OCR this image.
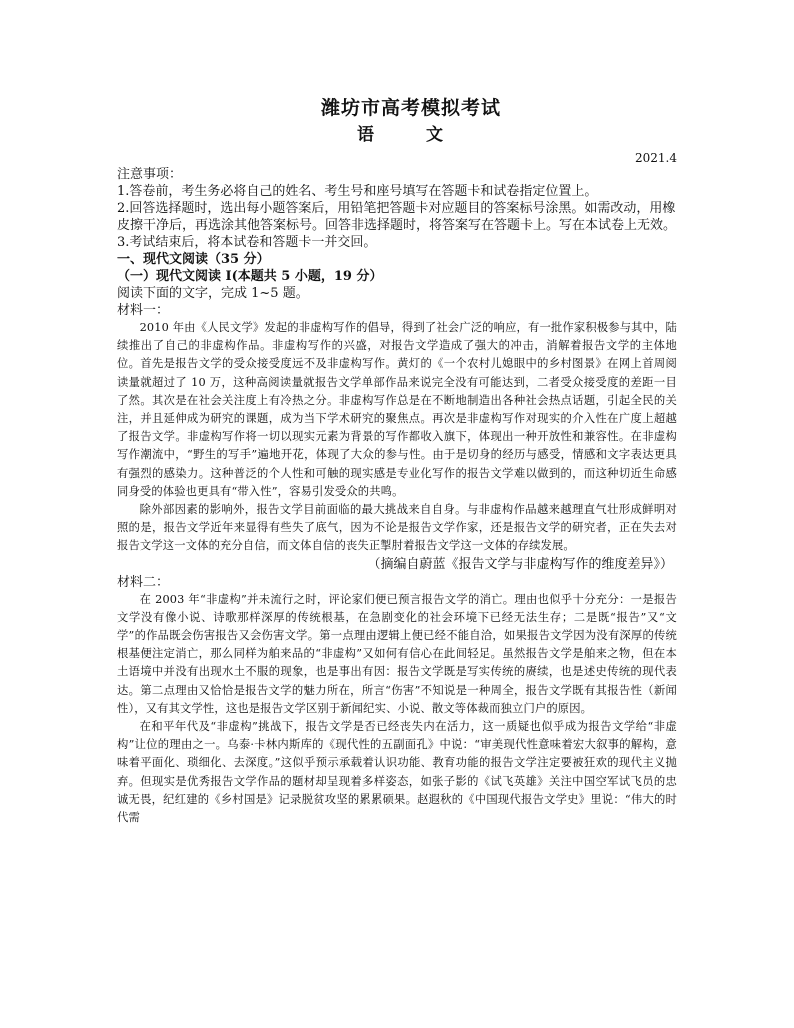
潍坊市高考模拟考试
语 文
2021.4

注意事项：

1.答卷前，考生务必将自己的姓名、考生号和座号填写在答题卡和试卷指定位置上。

2.回答选择题时，选出每小题答案后，用铅笔把答题卡对应题目的答案标号涂黑。如需改动，用橡皮擦干净后，再选涂其他答案标号。回答非选择题时，将答案写在答题卡上。写在本试卷上无效。

3.考试结束后，将本试卷和答题卡一并交回。

一、现代文阅读（35 分）

（一）现代文阅读 I(本题共 5 小题，19 分）

阅读下面的文字，完成 1~5 题。

材料一：

2010 年由《人民文学》发起的非虚构写作的倡导，得到了社会广泛的响应，有一批作家积极参与其中，陆续推出了自己的非虚构作品。非虚构写作的兴盛，对报告文学造成了强大的冲击，消解着报告文学的主体地位。首先是报告文学的受众接受度远不及非虚构写作。黄灯的《一个农村儿媳眼中的乡村图景》在网上首周阅读量就超过了 10 万，这种高阅读量就报告文学单部作品来说完全没有可能达到，二者受众接受度的差距一目了然。其次是在社会关注度上有冷热之分。非虚构写作总是在不断地制造出各种社会热点话题，引起全民的关注，并且延伸成为研究的课题，成为当下学术研究的聚焦点。再次是非虚构写作对现实的介入性在广度上超越了报告文学。非虚构写作将一切以现实元素为背景的写作都收入旗下，体现出一种开放性和兼容性。在非虚构写作潮流中，“野生的写手”遍地开花，体现了大众的参与性。由于是切身的经历与感受，情感和文字表达更具有强烈的感染力。这种普泛的个人性和可触的现实感是专业化写作的报告文学难以做到的，而这种切近生命感同身受的体验也更具有“带入性”，容易引发受众的共鸣。

除外部因素的影响外，报告文学目前面临的最大挑战来自自身。与非虚构作品越来越理直气壮形成鲜明对照的是，报告文学近年来显得有些失了底气，因为不论是报告文学作家，还是报告文学的研究者，正在失去对报告文学这一文体的充分自信，而文体自信的丧失正掣肘着报告文学这一文体的存续发展。

（摘编自蔚蓝《报告文学与非虚构写作的维度差异》）

材料二：

在 2003 年“非虚构”并未流行之时，评论家们便已预言报告文学的消亡。理由也似乎十分充分：一是报告文学没有像小说、诗歌那样深厚的传统根基，在急剧变化的社会环境下已经无法生存；二是既“报告”又“文学”的作品既会伤害报告又会伤害文学。第一点理由逻辑上便已经不能自洽，如果报告文学因为没有深厚的传统根基便注定消亡，那么同样为舶来品的“非虚构”又如何有信心在此间轻足。虽然报告文学是舶来之物，但在本土语境中并没有出现水土不服的现象，也是事出有因：报告文学既是写实传统的赓续，也是述史传统的现代表达。第二点理由又恰恰是报告文学的魅力所在，所言“伤害”不知说是一种周全，报告文学既有其报告性（新闻性），又有其文学性，这也是报告文学区别于新闻纪实、小说、散文等体裁而独立门户的原因。

在和平年代及“非虚构”挑战下，报告文学是否已经丧失内在活力，这一质疑也似乎成为报告文学给“非虚构”让位的理由之一。乌泰·卡林内斯库的《现代性的五副面孔》中说：“审美现代性意味着宏大叙事的解构，意味着平面化、琐细化、去深度。”这似乎预示承载着认识功能、教育功能的报告文学注定要被狂欢的现代主义抛弃。但现实是优秀报告文学作品的题材却呈现着多样姿态，如张子影的《试飞英雄》关注中国空军试飞员的忠诚无畏，纪红建的《乡村国是》记录脱贫攻坚的累累硕果。赵遐秋的《中国现代报告文学史》里说：“伟大的时代需
